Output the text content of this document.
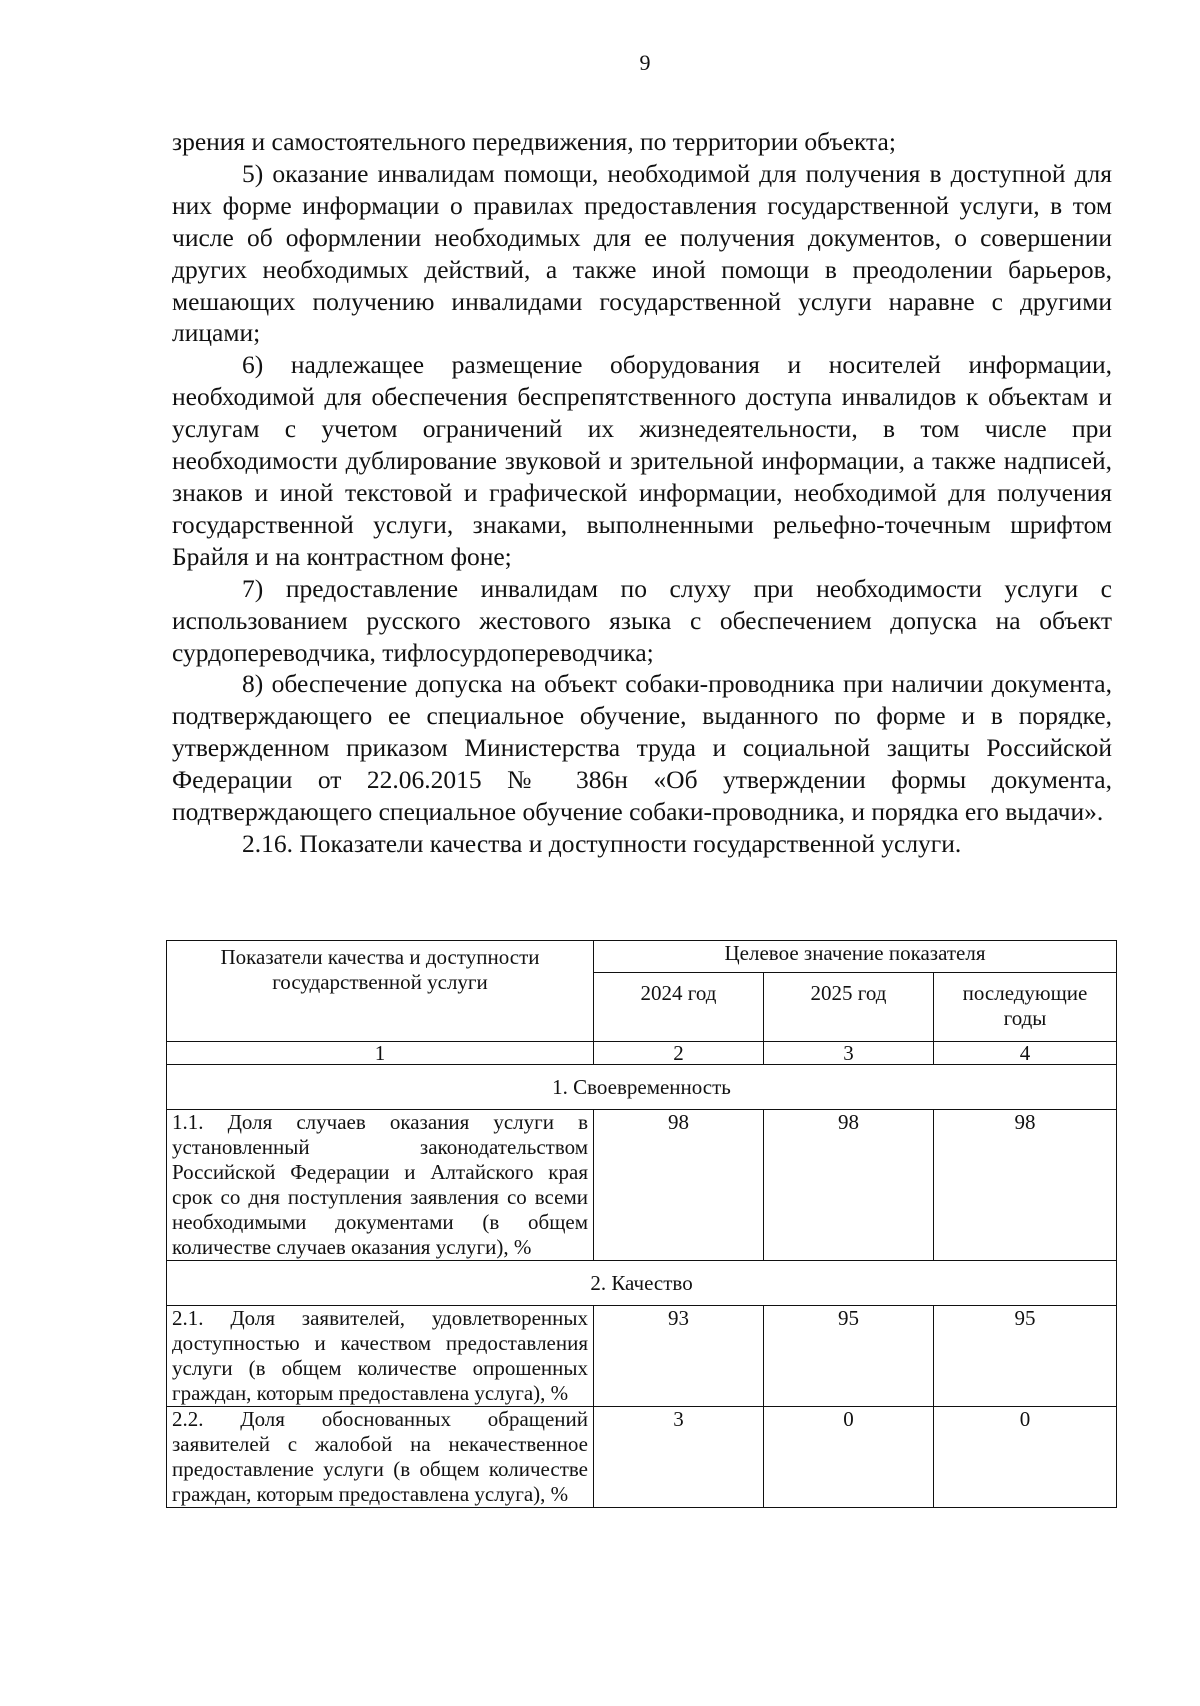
9

зрения и самостоятельного передвижения, по территории объекта;

5) оказание инвалидам помощи, необходимой для получения в доступной для них форме информации о правилах предоставления государственной услуги, в том числе об оформлении необходимых для ее получения документов, о совершении других необходимых действий, а также иной помощи в преодолении барьеров, мешающих получению инвалидами государственной услуги наравне с другими лицами;

6) надлежащее размещение оборудования и носителей информации, необходимой для обеспечения беспрепятственного доступа инвалидов к объектам и услугам с учетом ограничений их жизнедеятельности, в том числе при необходимости дублирование звуковой и зрительной информации, а также надписей, знаков и иной текстовой и графической информации, необходимой для получения государственной услуги, знаками, выполненными рельефно-точечным шрифтом Брайля и на контрастном фоне;

7) предоставление инвалидам по слуху при необходимости услуги с использованием русского жестового языка с обеспечением допуска на объект сурдопереводчика, тифлосурдопереводчика;

8) обеспечение допуска на объект собаки-проводника при наличии документа, подтверждающего ее специальное обучение, выданного по форме и в порядке, утвержденном приказом Министерства труда и социальной защиты Российской Федерации от 22.06.2015 № 386н «Об утверждении формы документа, подтверждающего специальное обучение собаки-проводника, и порядка его выдачи».

2.16. Показатели качества и доступности государственной услуги.

Показатели качества и доступности государственной услуги	Целевое значение показателя		
	2024 год	2025 год	последующие годы
1	2	3	4
1. Своевременность			
1.1. Доля случаев оказания услуги в установленный законодательством Российской Федерации и Алтайского края срок со дня поступления заявления со всеми необходимыми документами (в общем количестве случаев оказания услуги), %	98	98	98
2. Качество			
2.1. Доля заявителей, удовлетворенных доступностью и качеством предоставления услуги (в общем количестве опрошенных граждан, которым предоставлена услуга), %	93	95	95
2.2. Доля обоснованных обращений заявителей с жалобой на некачественное предоставление услуги (в общем количестве граждан, которым предоставлена услуга), %	3	0	0
